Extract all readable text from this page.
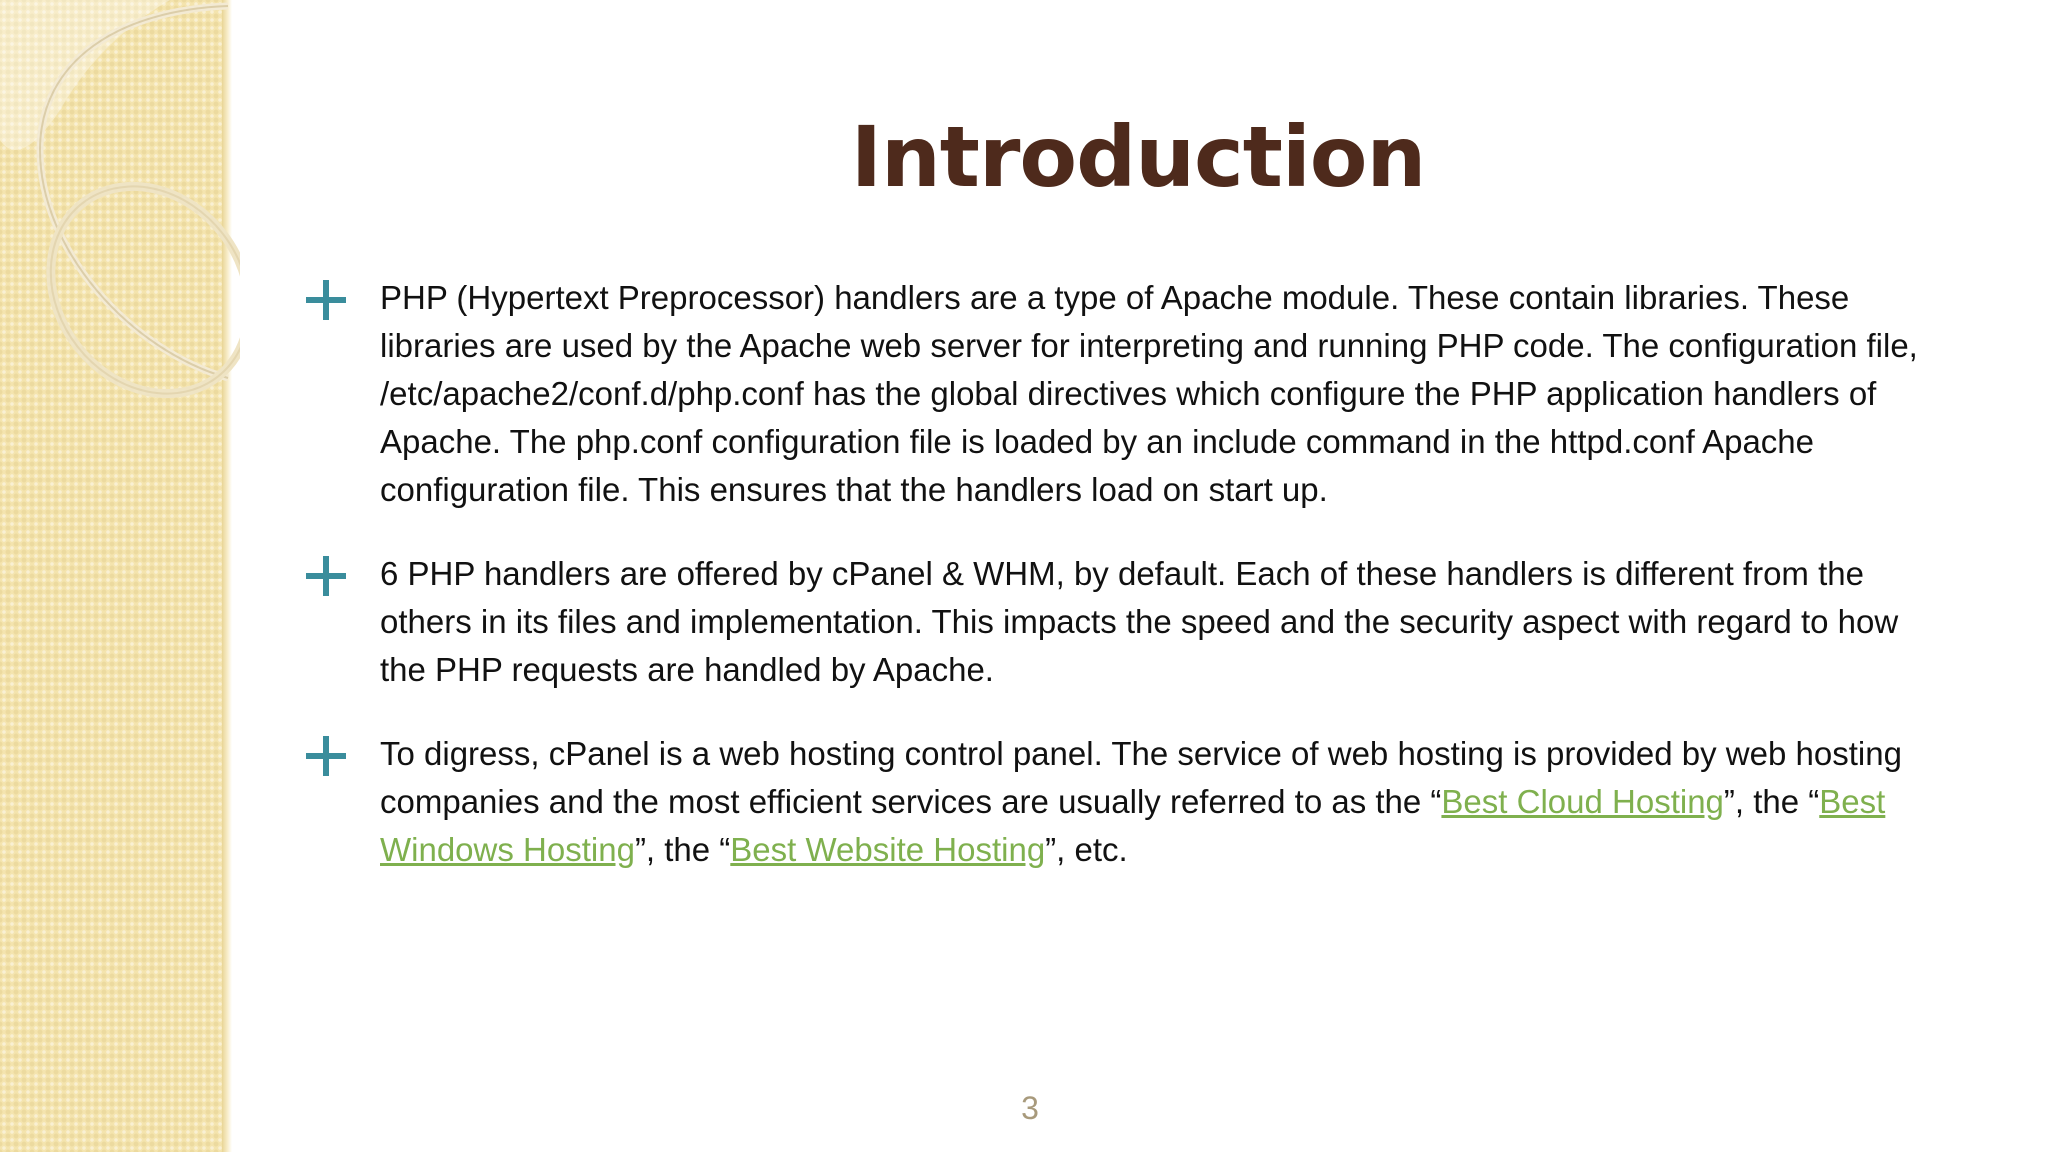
Introduction
PHP (Hypertext Preprocessor) handlers are a type of Apache module. These contain libraries. These libraries are used by the Apache web server for interpreting and running PHP code. The configuration file, /etc/apache2/conf.d/php.conf has the global directives which configure the PHP application handlers of Apache. The php.conf configuration file is loaded by an include command in the httpd.conf Apache configuration file. This ensures that the handlers load on start up.
6 PHP handlers are offered by cPanel & WHM, by default. Each of these handlers is different from the others in its files and implementation. This impacts the speed and the security aspect with regard to how the PHP requests are handled by Apache.
To digress, cPanel is a web hosting control panel. The service of web hosting is provided by web hosting companies and the most efficient services are usually referred to as the “Best Cloud Hosting”, the “Best Windows Hosting”, the “Best Website Hosting”, etc.
3
